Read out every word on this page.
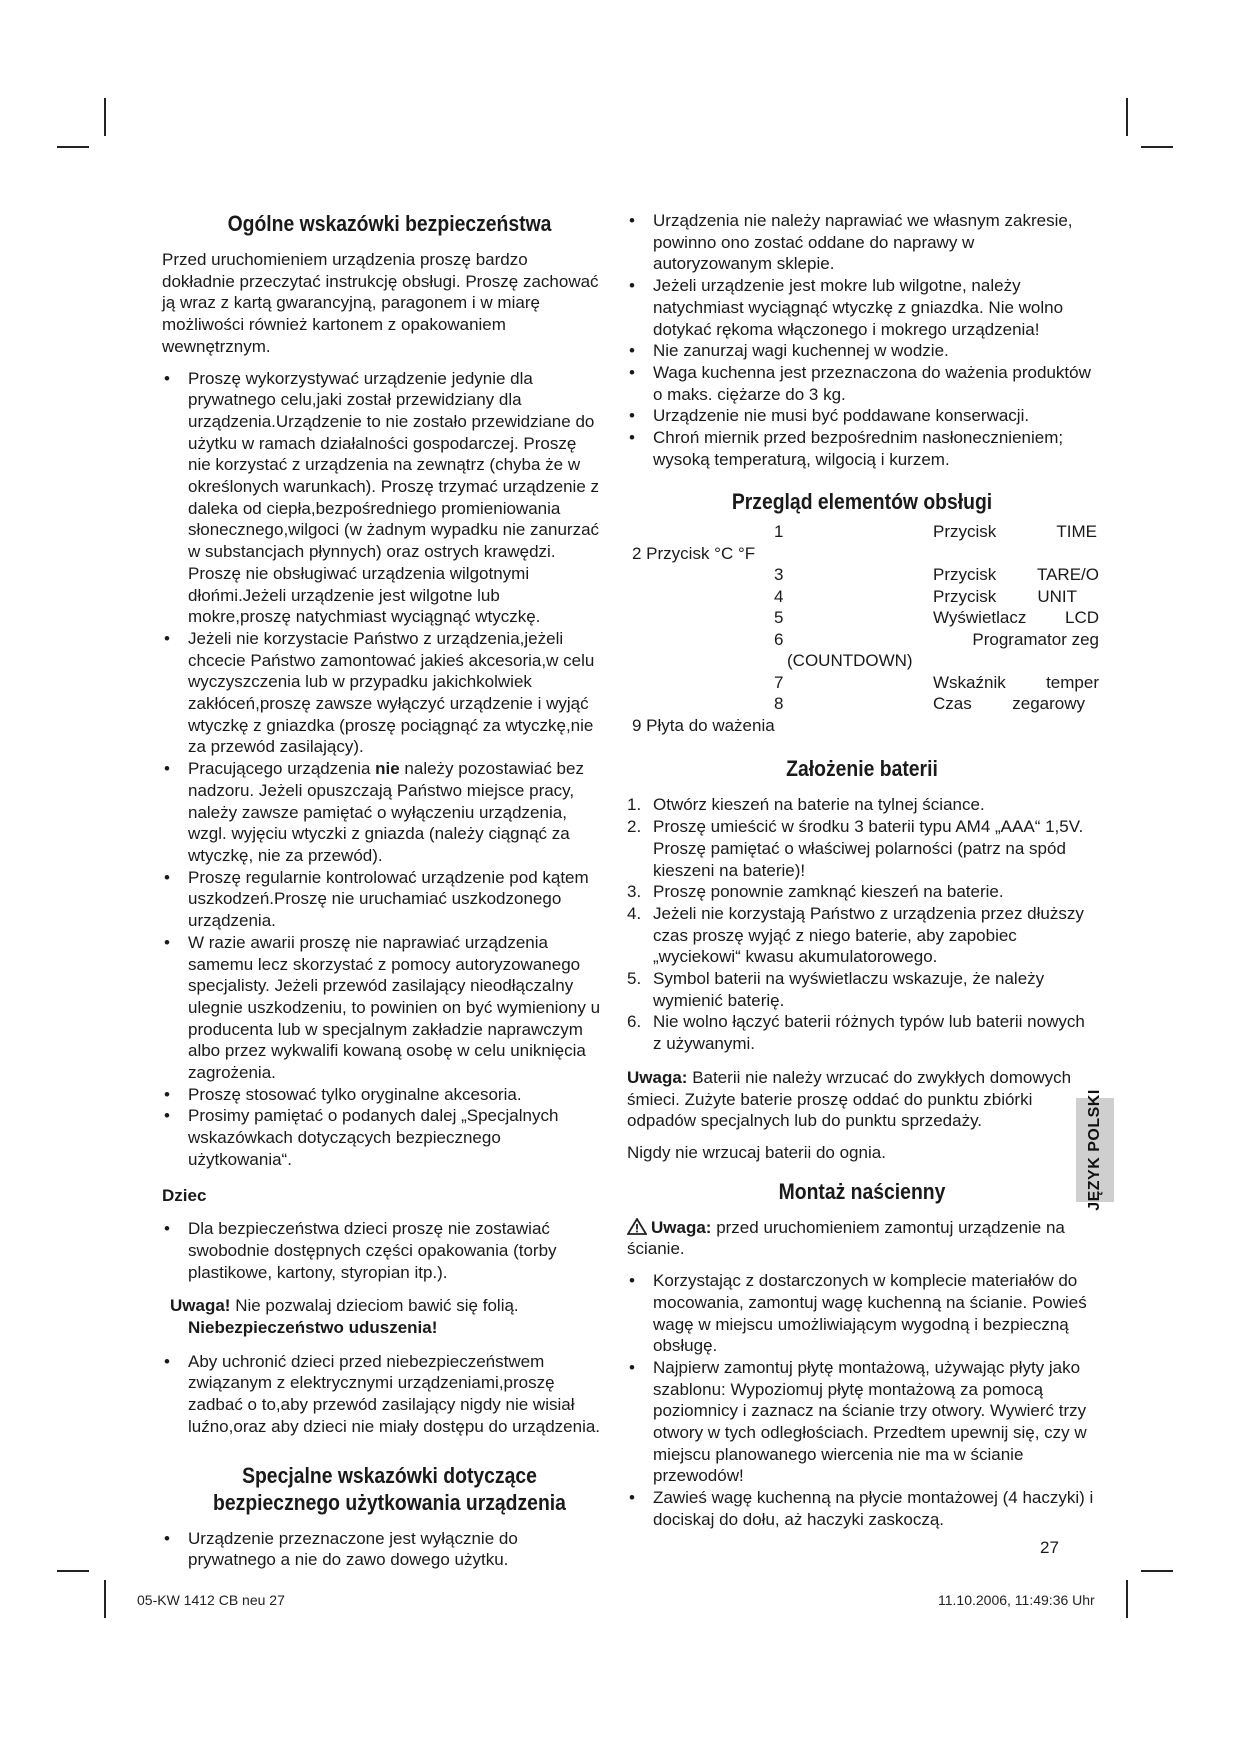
Ogólne wskazówki bezpieczeństwa

Przed uruchomieniem urządzenia proszę bardzo dokładnie przeczytać instrukcję obsługi. Proszę zachować ją wraz z kartą gwarancyjną, paragonem i w miarę możliwości również kartonem z opakowaniem wewnętrznym.

• Proszę wykorzystywać urządzenie jedynie dla prywatnego celu,jaki został przewidziany dla urządzenia.Urządzenie to nie zostało przewidziane do użytku w ramach działalności gospodarczej. Proszę nie korzystać z urządzenia na zewnątrz (chyba że w określonych warunkach). Proszę trzymać urządzenie z daleka od ciepła,bezpośredniego promieniowania słonecznego,wilgoci (w żadnym wypadku nie zanurzać w substancjach płynnych) oraz ostrych krawędzi. Proszę nie obsługiwać urządzenia wilgotnymi dłońmi.Jeżeli urządzenie jest wilgotne lub mokre,proszę natychmiast wyciągnąć wtyczkę.
• Jeżeli nie korzystacie Państwo z urządzenia,jeżeli chcecie Państwo zamontować jakieś akcesoria,w celu wyczyszczenia lub w przypadku jakichkolwiek zakłóceń,proszę zawsze wyłączyć urządzenie i wyjąć wtyczkę z gniazdka (proszę pociągnąć za wtyczkę,nie za przewód zasilający).
• Pracującego urządzenia nie należy pozostawiać bez nadzoru. Jeżeli opuszczają Państwo miejsce pracy, należy zawsze pamiętać o wyłączeniu urządzenia, wzgl. wyjęciu wtyczki z gniazda (należy ciągnąć za wtyczkę, nie za przewód).
• Proszę regularnie kontrolować urządzenie pod kątem uszkodzeń.Proszę nie uruchamiać uszkodzonego urządzenia.
• W razie awarii proszę nie naprawiać urządzenia samemu lecz skorzystać z pomocy autoryzowanego specjalisty. Jeżeli przewód zasilający nieodłączalny ulegnie uszkodzeniu, to powinien on być wymieniony u producenta lub w specjalnym zakładzie naprawczym albo przez wykwalifi kowaną osobę w celu uniknięcia zagrożenia.
• Proszę stosować tylko oryginalne akcesoria.
• Prosimy pamiętać o podanych dalej „Specjalnych wskazówkach dotyczących bezpiecznego użytkowania“.
Dziec
• Dla bezpieczeństwa dzieci proszę nie zostawiać swobodnie dostępnych części opakowania (torby plastikowe, kartony, styropian itp.).
Uwaga! Nie pozwalaj dzieciom bawić się folią.
Niebezpieczeństwo uduszenia!
• Aby uchronić dzieci przed niebezpieczeństwem związanym z elektrycznymi urządzeniami,proszę zadbać o to,aby przewód zasilający nigdy nie wisiał luźno,oraz aby dzieci nie miały dostępu do urządzenia.
Specjalne wskazówki dotyczące bezpiecznego użytkowania urządzenia
• Urządzenie przeznaczone jest wyłącznie do prywatnego a nie do zawo dowego użytku.
• Urządzenia nie należy naprawiać we własnym zakresie, powinno ono zostać oddane do naprawy w autoryzowanym sklepie.
• Jeżeli urządzenie jest mokre lub wilgotne, należy natychmiast wyciągnąć wtyczkę z gniazdka. Nie wolno dotykać rękoma włączonego i mokrego urządzenia!
• Nie zanurzaj wagi kuchennej w wodzie.
• Waga kuchenna jest przeznaczona do ważenia produktów o maks. ciężarze do 3 kg.
• Urządzenie nie musi być poddawane konserwacji.
• Chroń miernik przed bezpośrednim nasłonecznieniem; wysoką temperaturą, wilgocią i kurzem.
Przegląd elementów obsługi
1	Przycisk	TIME
2 Przycisk °C °F
3	Przycisk TARE/O
4	Przycisk UNIT
5	Wyświetlacz LCD
6	Programator zeg
(COUNTDOWN)
7	Wskaźnik temper
8	Czas zegarowy
9 Płyta do ważenia
Założenie baterii
1. Otwórz kieszeń na baterie na tylnej ściance.
2. Proszę umieścić w środku 3 baterii typu AM4 „AAA“ 1,5V. Proszę pamiętać o właściwej polarności (patrz na spód kieszeni na baterie)!
3. Proszę ponownie zamknąć kieszeń na baterie.
4. Jeżeli nie korzystają Państwo z urządzenia przez dłuższy czas proszę wyjąć z niego baterie, aby zapobiec „wyciekowi“ kwasu akumulatorowego.
5. Symbol baterii na wyświetlaczu wskazuje, że należy wymienić baterię.
6. Nie wolno łączyć baterii różnych typów lub baterii nowych z używanymi.

Uwaga: Baterii nie należy wrzucać do zwykłych domowych śmieci. Zużyte baterie proszę oddać do punktu zbiórki odpadów specjalnych lub do punktu sprzedaży.

Nigdy nie wrzucaj baterii do ognia.

Montaż naścienny

Uwaga: przed uruchomieniem zamontuj urządzenie na ścianie.

• Korzystając z dostarczonych w komplecie materiałów do mocowania, zamontuj wagę kuchenną na ścianie. Powieś wagę w miejscu umożliwiającym wygodną i bezpieczną obsługę.
• Najpierw zamontuj płytę montażową, używając płyty jako szablonu: Wypoziomuj płytę montażową za pomocą poziomnicy i zaznacz na ścianie trzy otwory. Wywierć trzy otwory w tych odległościach. Przedtem upewnij się, czy w miejscu planowanego wiercenia nie ma w ścianie przewodów!
• Zawieś wagę kuchenną na płycie montażowej (4 haczyki) i dociskaj do dołu, aż haczyki zaskoczą.
JĘZYK POLSKI
27
05-KW 1412 CB neu 27	11.10.2006, 11:49:36 Uhr
